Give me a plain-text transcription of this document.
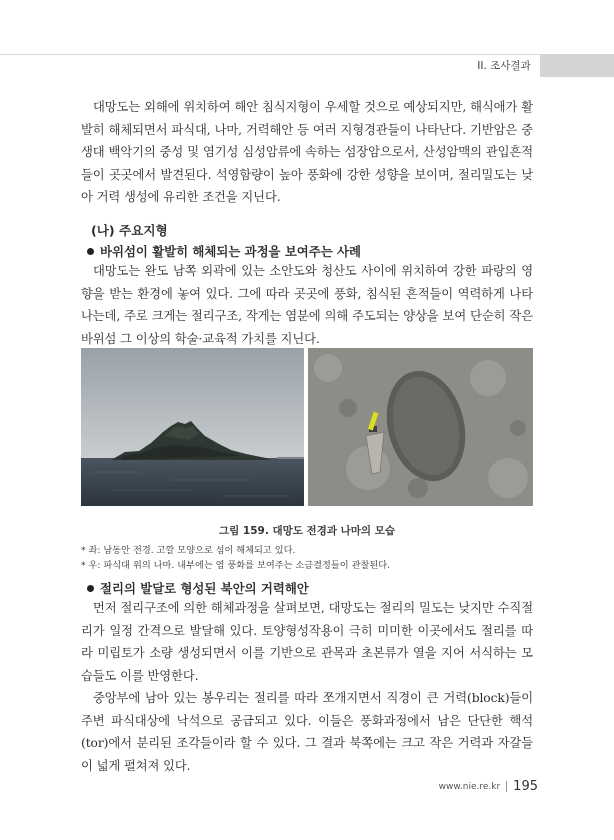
II. 조사결과

대망도는 외해에 위치하여 해안 침식지형이 우세할 것으로 예상되지만, 해식애가 활발히 해체되면서 파식대, 나마, 거력해안 등 여러 지형경관들이 나타난다. 기반암은 중생대 백악기의 중성 및 염기성 심성암류에 속하는 섬장암으로서, 산성암맥의 관입흔적들이 곳곳에서 발견된다. 석영함량이 높아 풍화에 강한 성향을 보이며, 절리밀도는 낮아 거력 생성에 유리한 조건을 지닌다.

(나) 주요지형

바위섬이 활발히 해체되는 과정을 보여주는 사례

대망도는 완도 남쪽 외곽에 있는 소안도와 청산도 사이에 위치하여 강한 파랑의 영향을 받는 환경에 놓여 있다. 그에 따라 곳곳에 풍화, 침식된 흔적들이 역력하게 나타나는데, 주로 크게는 절리구조, 작게는 염분에 의해 주도되는 양상을 보여 단순히 작은 바위섬 그 이상의 학술·교육적 가치를 지닌다.

그림 159. 대망도 전경과 나마의 모습

* 좌: 남동안 전경. 고깔 모양으로 섬이 해체되고 있다.

* 우: 파식대 위의 나마. 내부에는 염 풍화를 보여주는 소금결정들이 관찰된다.

절리의 발달로 형성된 북안의 거력해안

먼저 절리구조에 의한 해체과정을 살펴보면, 대망도는 절리의 밀도는 낮지만 수직절리가 일정 간격으로 발달해 있다. 토양형성작용이 극히 미미한 이곳에서도 절리를 따라 미립토가 소량 생성되면서 이를 기반으로 관목과 초본류가 열을 지어 서식하는 모습들도 이를 반영한다.

중앙부에 남아 있는 봉우리는 절리를 따라 쪼개지면서 직경이 큰 거력(block)들이 주변 파식대상에 낙석으로 공급되고 있다. 이들은 풍화과정에서 남은 단단한 핵석(tor)에서 분리된 조각들이라 할 수 있다. 그 결과 북쪽에는 크고 작은 거력과 자갈들이 넓게 펼쳐져 있다.

www.nie.re.kr 195
